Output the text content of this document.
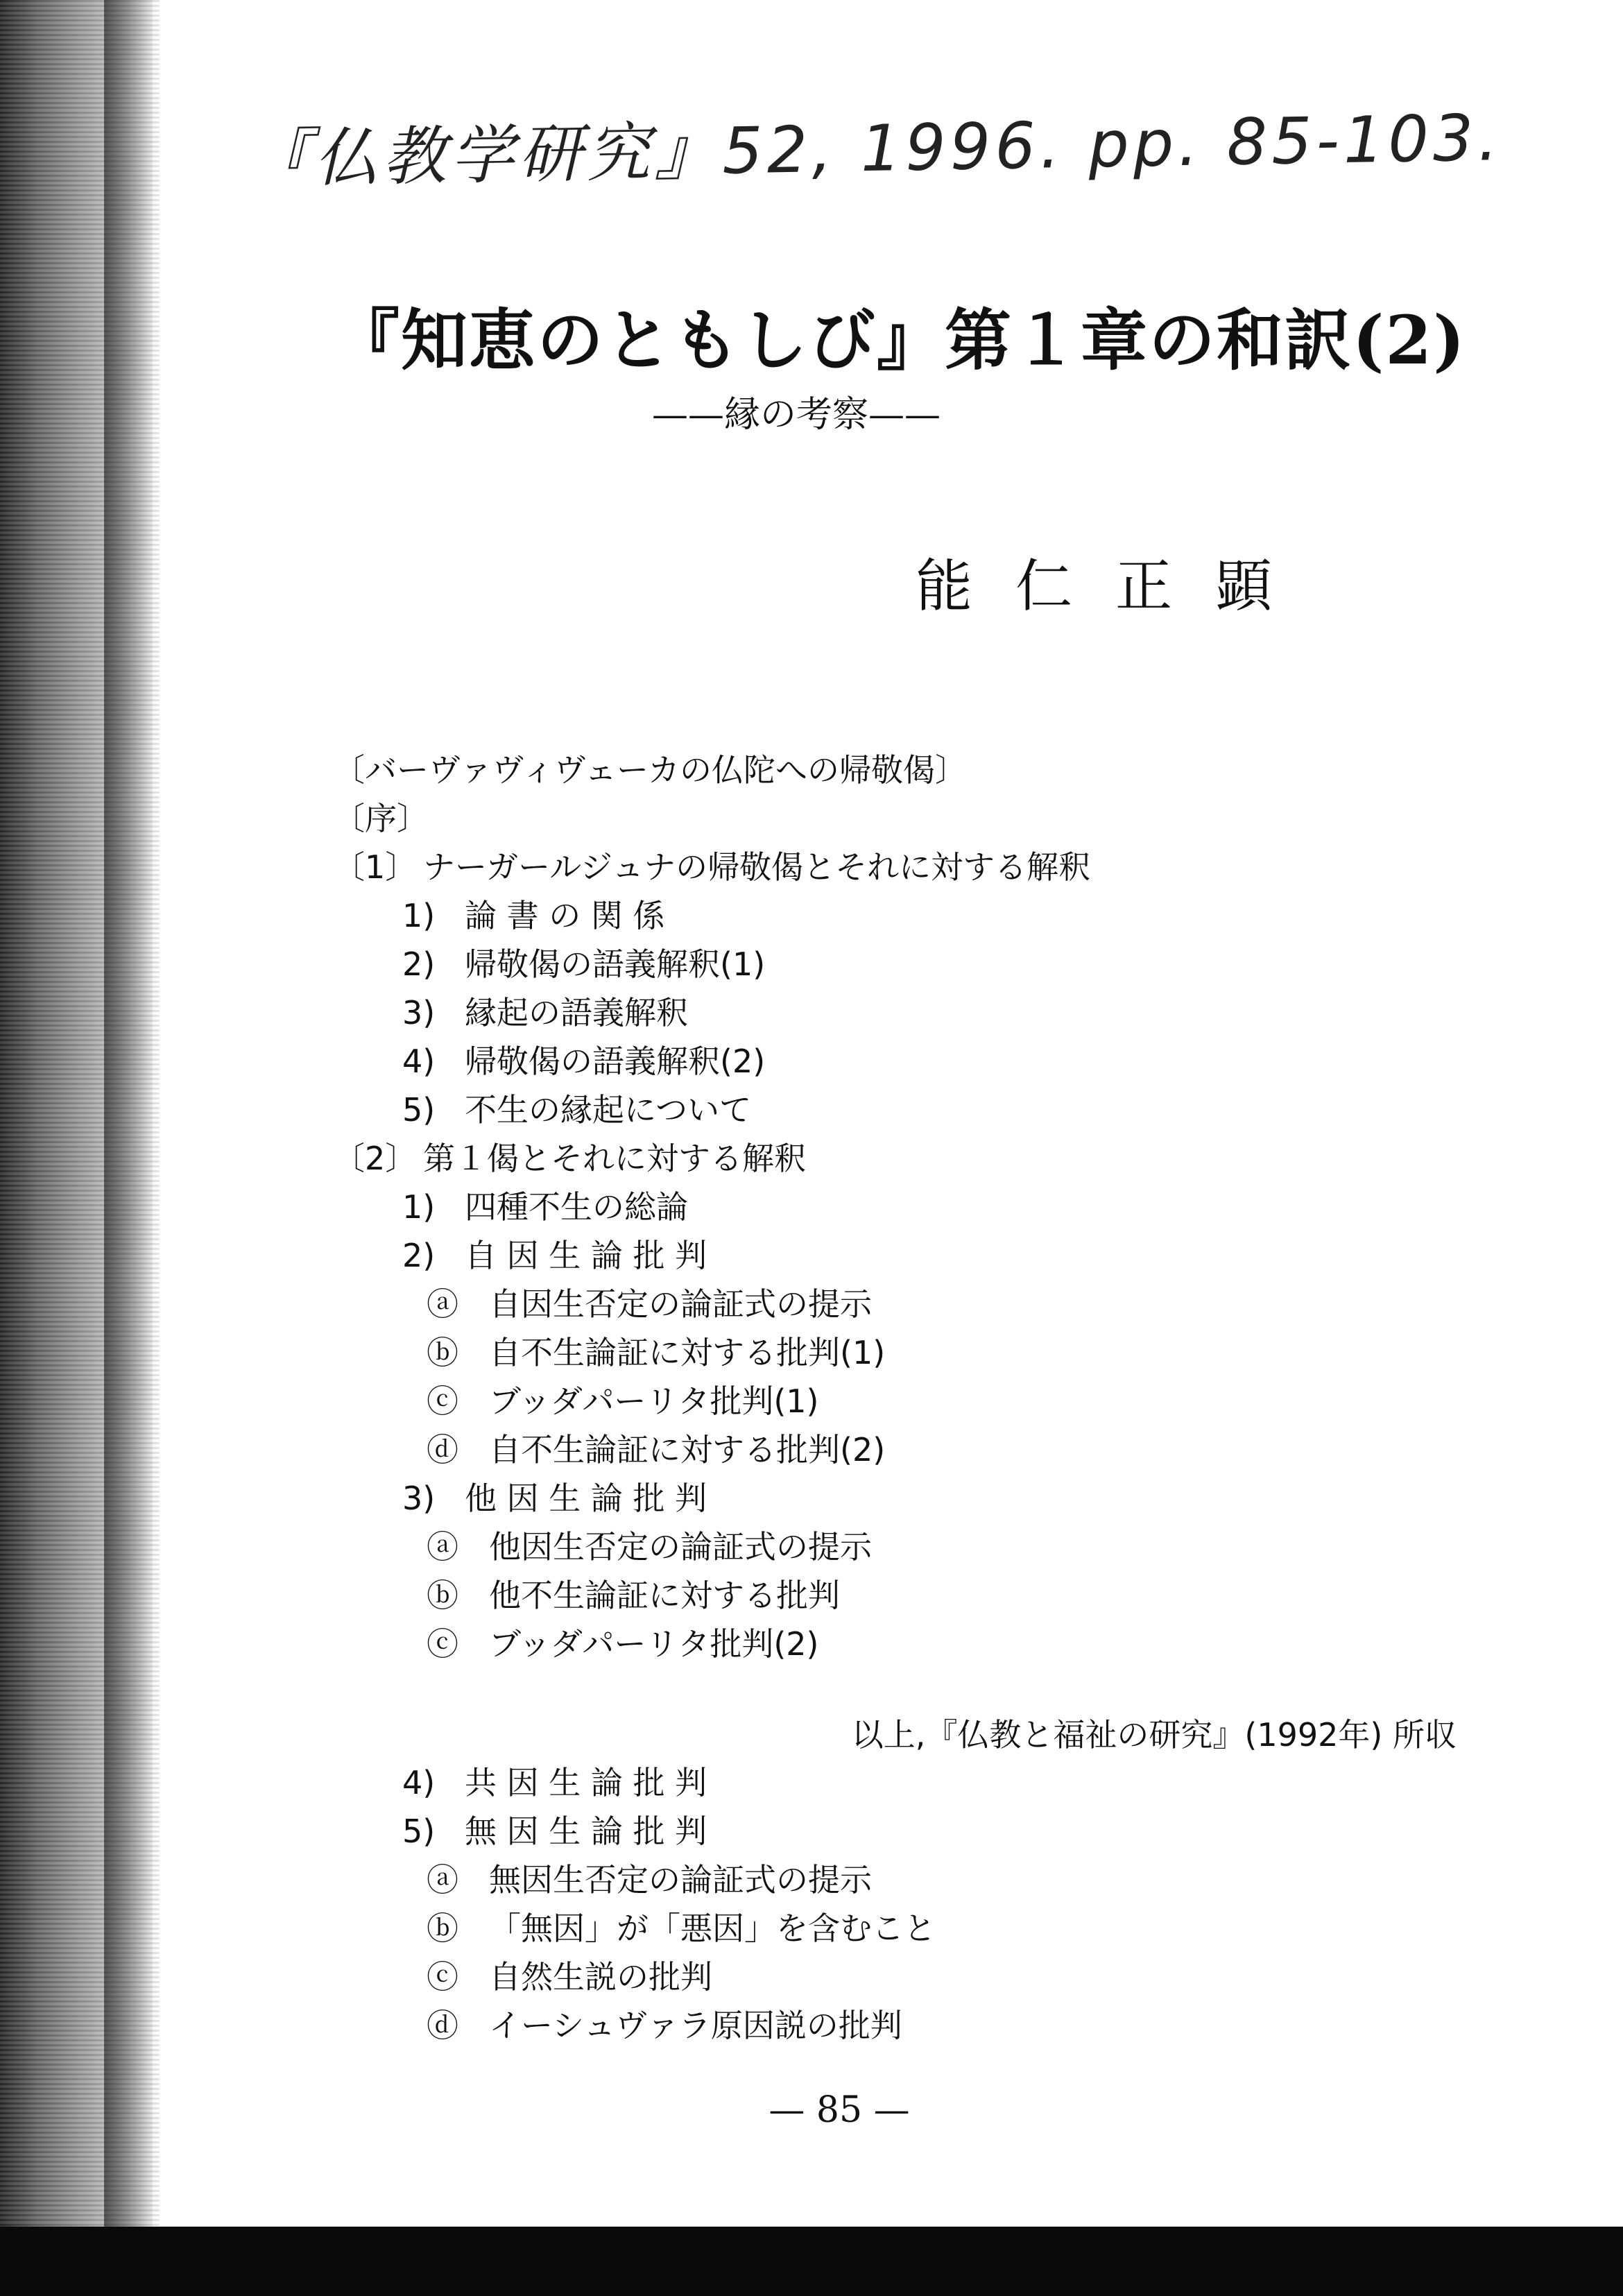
『仏教学研究』52, 1996. pp. 85-103.
『知恵のともしび』第１章の和訳(2)
——縁の考察——
能仁正顕
〔バーヴァヴィヴェーカの仏陀への帰敬偈〕
〔序〕
〔1〕 ナーガールジュナの帰敬偈とそれに対する解釈
1) 論 書 の 関 係
2) 帰敬偈の語義解釈(1)
3) 縁起の語義解釈
4) 帰敬偈の語義解釈(2)
5) 不生の縁起について
〔2〕 第１偈とそれに対する解釈
1) 四種不生の総論
2) 自 因 生 論 批 判
ⓐ 自因生否定の論証式の提示
ⓑ 自不生論証に対する批判(1)
ⓒ ブッダパーリタ批判(1)
ⓓ 自不生論証に対する批判(2)
3) 他 因 生 論 批 判
ⓐ 他因生否定の論証式の提示
ⓑ 他不生論証に対する批判
ⓒ ブッダパーリタ批判(2)
4) 共 因 生 論 批 判
5) 無 因 生 論 批 判
ⓐ 無因生否定の論証式の提示
ⓑ 「無因」が「悪因」を含むこと
ⓒ 自然生説の批判
ⓓ イーシュヴァラ原因説の批判
以上,『仏教と福祉の研究』(1992年) 所収
— 85 —
